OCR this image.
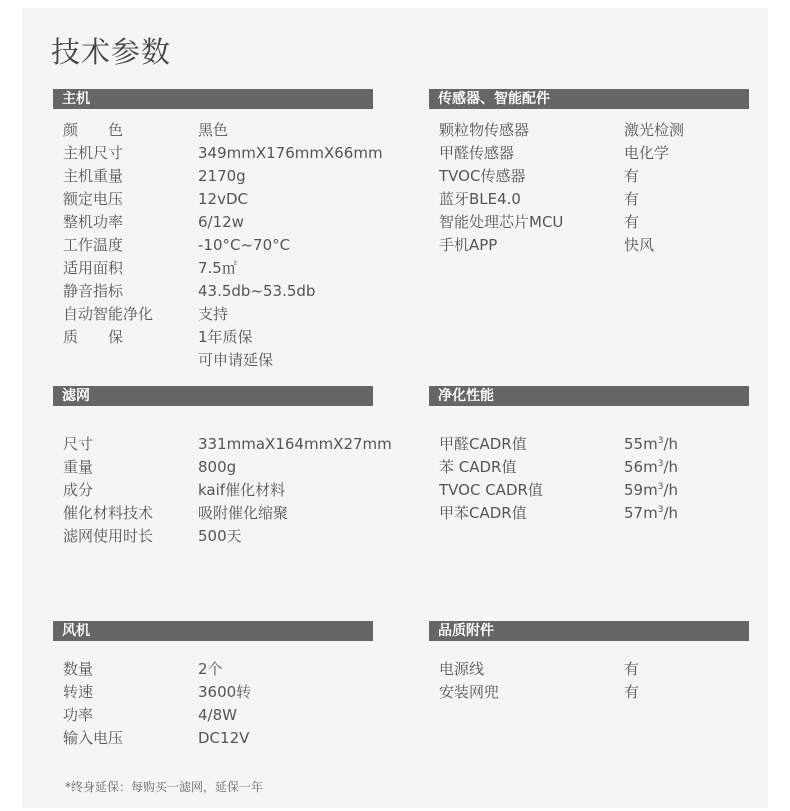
技术参数
主机
颜 色	黑色
主机尺寸	349mmX176mmX66mm
主机重量	2170g
额定电压	12vDC
整机功率	6/12w
工作温度	-10°C~70°C
适用面积	7.5㎡
静音指标	43.5db~53.5db
自动智能净化	支持
质 保	1年质保
可申请延保
传感器、智能配件
颗粒物传感器	激光检测
甲醛传感器	电化学
TVOC传感器	有
蓝牙BLE4.0	有
智能处理芯片MCU	有
手机APP	快风
滤网
尺寸	331mmaX164mmX27mm
重量	800g
成分	kaif催化材料
催化材料技术	吸附催化缩聚
滤网使用时长	500天
净化性能
甲醛CADR值	$55m^3/h$
苯 CADR值	$56m^3/h$
TVOC CADR值	$59m^3/h$
甲苯CADR值	$57m^3/h$
风机
数量	2个
转速	3600转
功率	4/8W
输入电压	DC12V
品质附件
电源线	有
安装网兜	有
*终身延保：每购买一滤网，延保一年
